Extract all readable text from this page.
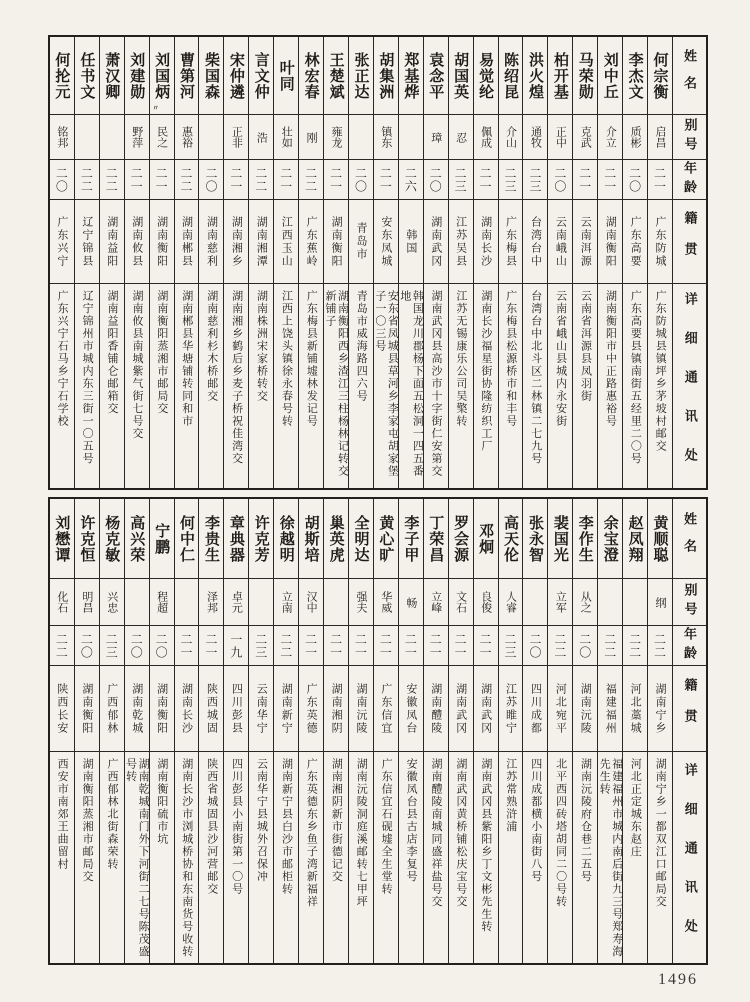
姓名
别号
年龄
籍贯
详细通讯处
何宗衡
启昌
二一
广东防城
广东防城县镇坪乡茅坡村邮交
李杰文
质彬
二〇
广东高要
广东高要县镇南街五经里二〇号
刘中丘
介立
二一
湖南衡阳
湖南衡阳市中正路惠裕号
马荣勋
克武
二一
云南洱源
云南省洱源县凤羽街
柏开基
正中
二〇
云南峨山
云南省峨山县城内永安街
洪火煌
通牧
二三
台湾台中
台湾台中北斗区二林镇二七九号
陈绍昆
介山
二三
广东梅县
广东梅县松源桥市和丰号
易觉纶
佩成
二一
湖南长沙
湖南长沙福星街协隆纺织工厂
胡国英
忍
二三
江苏吴县
江苏无锡康乐公司吴檠转
袁念平
璋
二〇
湖南武冈
湖南武冈县高沙市十字街仁安第交
郑基烨
二六
韩国
韩国龙川郡杨下面五松洞一四五番地
胡集洲
镇东
二一
安东凤城
安东省凤城县草河乡李家屯胡家堡子一〇三号
张正达
二〇
青岛市
青岛市威海路四六号
王楚斌
雍龙
二一
湖南衡阳
湖南衡阳西乡渣江三柱杨林记转交新铺子
林宏春
刚
二二
广东蕉岭
广东梅县新铺墟林发记号
叶同
壮如
二一
江西玉山
江西上饶头镇徐永春号转
言文仲
浩
二二
湖南湘潭
湖南株洲宋家桥转交
宋仲遴
正非
二一
湖南湘乡
湖南湘乡鹤后乡麦子桥祝佳湾交
柴国森
二〇
湖南慈利
湖南慈利杉木桥邮交
曹第河
惠裕
二二
湖南郴县
湖南郴县华塘铺转同和市
刘国炳
〃
民之
二一
湖南衡阳
湖南衡阳蒸湘市邮局交
刘建勋
野萍
二一
湖南攸县
湖南攸县南城紫气街七号交
萧汉卿
二二
湖南益阳
湖南益阳香铺仑邮箱交
任书文
二二
辽宁锦县
辽宁锦州市城内东三街一〇五号
何抡元
铭邦
二〇
广东兴宁
广东兴宁石马乡宁石学校
姓名
别号
年龄
籍贯
详细通讯处
黄顺聪
纲
二二
湖南宁乡
湖南宁乡一都双江口邮局交
赵凤翔
二二
河北藁城
河北正定城东赵庄
余宝澄
二二
福建福州
福建福州市城内南后街九三号郑寿海先生转
李作生
从之
二〇
湖南沅陵
湖南沅陵府仓巷二五号
裴国光
立军
二二
河北宛平
北平西四砖塔胡同二〇号转
张永智
二〇
四川成都
四川成都横小南街八号
高天伦
人睿
二三
江苏睢宁
江苏常熟浒浦
邓炯
良俊
二一
湖南武冈
湖南武冈县紫阳乡丁文彬先生转
罗会源
文石
二一
湖南武冈
湖南武冈黄桥铺松庆宝号交
丁荣昌
立峰
二一
湖南醴陵
湖南醴陵南城同盛祥盐号交
李子甲
畅
二一
安徽凤台
安徽凤台县古店李复号
黄心旷
华威
二一
广东信宜
广东信宜石砚墟全生堂转
全明达
强夫
二一
湖南沅陵
湖南沅陵洞庭溪邮转七甲坪
巢英虎
二一
湖南湘阴
湖南湘阴新市街德记交
胡斯培
汉中
二一
广东英德
广东英德东乡鱼子湾新福祥
徐越明
立南
二二
湖南新宁
湖南新宁县白沙市邮柜转
许克芳
二三
云南华宁
云南华宁县城外召保冲
章典器
卓元
一九
四川彭县
四川彭县小南街第一〇号
李贵生
泽邦
二一
陕西城固
陕西省城固县沙河营邮交
何中仁
二一
湖南长沙
湖南长沙市浏城桥协和东南货号收转
宁鹏
程超
二〇
湖南衡阳
湖南衡阳硫市坑
高兴荣
二〇
湖南乾城
湖南乾城南门外下河街二七号陈茂盛号转
杨克敏
兴忠
二三
广西郁林
广西郁林北街森荣转
许克恒
明昌
二〇
湖南衡阳
湖南衡阳蒸湘市邮局交
刘懋谭
化石
二二
陕西长安
西安市南郊王曲留村
1496
